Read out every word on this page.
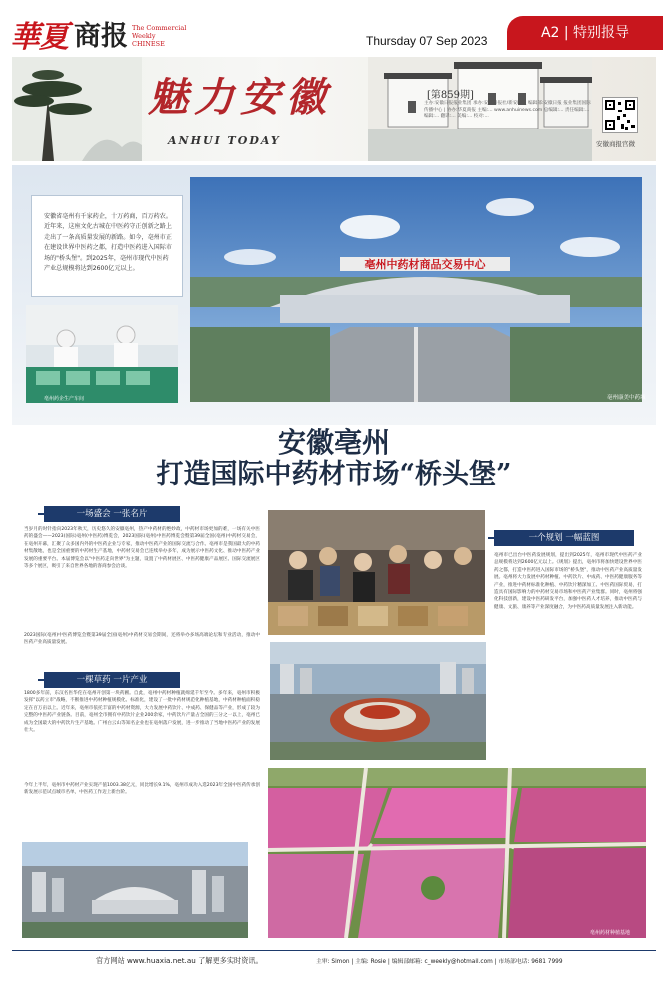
華夏 商报 The Commercial
Weekly
CHINESE	Thursday 07 Sep 2023	A2 | 特别报导
魅力安徽
ANHUI TODAY
[第859期]
主办:安徽日报报业集团 承办:安徽日报社/新安晚报 编辑部:安徽日报 报业集团国际传播中心 | 协办:华夏商报 主编:... www.anhuinews.com 总编辑:... 责任编辑:... 编辑:... 翻译:... 美编:... 校对:...
安徽商报官微
亳州中药材商品交易中心
亳州康美中药城
安徽省亳州有千家药企，十万药商，百万药农。近年来，这座文化古城在中医药守正创新之路上走出了一条高质量发展的新路。如今，亳州市正在建设世界中医药之都，打造中医药进入国际市场的"桥头堡"。到2025年，亳州市现代中医药产业总规模将达到2600亿元以上。
亳州药企生产车间
安徽亳州
打造国际中药材市场“桥头堡”
一场盛会 一张名片
当岁月的时针指向2023年秋天，历史悠久的安徽亳州，热产中药材的绝妙政，中药材市场更加的难，一场有关中医药的盛会——2023(国际)亳州(中医药)博览会，2023国际(亳州)中医药博览会暨第39届全国(亳州)中药材交易会，在亳州开幕，汇聚了众多国内外的中医药企业与专家，推动中医药产业的国际交流与合作。亳州市是我国最大的中药材集散地，也是全国重要的中药材生产基地，中药材交易会已连续举办多年，成为展示中医药文化、推动中医药产业发展的重要平台。本届博览会以"中医药走向世界"为主题，设置了中药材展区、中医药健康产品展区、国际交流展区等多个展区，吸引了来自世界各地的客商参会洽谈。
2023国际(亳州)中医药博览会暨第39届全国(亳州)中药材交易会期间，还将举办多场高端论坛和专业活动，推动中医药产业高质量发展。
一棵草药 一片产业
1800多年前，东汉名医华佗在亳州开创第一块药圃。自此，亳州中药材种植就绵延千年至今。多年来，亳州市积极发挥"以药立市"战略，不断推进中药材种植规模化、标准化，建设了一批中药材规范化种植基地，中药材种植面积稳定在百万亩以上。近年来，亳州市依托丰富的中药材资源，大力发展中药饮片、中成药、保健品等产业，形成了较为完整的中医药产业链条。目前，亳州全市拥有中药饮片企业200余家，中药饮片产量占全国的三分之一以上，亳州已成为全国最大的中药饮片生产基地。广州白云山等知名企业也在亳州落户发展，进一步推动了当地中医药产业的发展壮大。
今年上半年，亳州市中药材产业实现产值1003.38亿元，同比增长9.1%，亳州市成功入选2023年全国中医药传承创新发展示范试点城市名单，中医药工作迈上新台阶。
一个规划 一幅蓝图
亳州市已出台中医药发展规划，提出到2025年，亳州市现代中医药产业总规模将达到2600亿元以上。《规划》提出，亳州市将加快建设世界中医药之都，打造中医药进入国际市场的"桥头堡"，推动中医药产业高质量发展。亳州将大力发展中药材种植、中药饮片、中成药、中医药健康服务等产业，推进中药材标准化种植、中药饮片精深加工、中医药国际贸易，打造具有国际影响力的中药材交易市场和中医药产业集群。同时，亳州将强化科技创新，建设中医药研发平台，加强中医药人才培养，推动中医药与健康、文旅、康养等产业深度融合，为中医药高质量发展注入新动能。
亳州药材种植基地
官方网站 www.huaxia.net.au 了解更多实时资讯。	主审: Simon | 主编: Rosie | 编辑部邮箱: c_weekly@hotmail.com | 市场部电话: 9681 7999
